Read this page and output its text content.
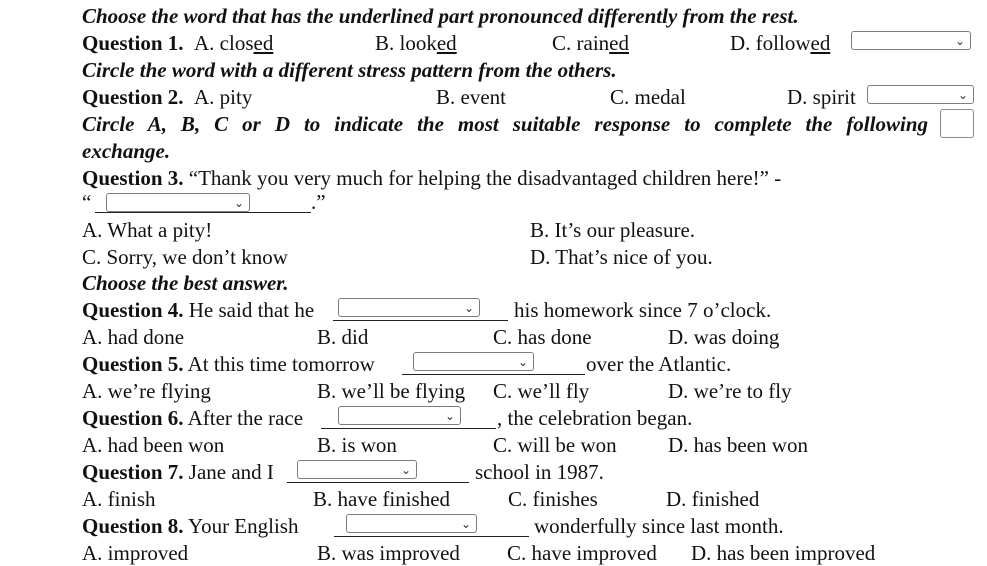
Choose the word that has the underlined part pronounced differently from the rest.
Question 1. A. closed	B. looked	C. rained	D. followed	⌄
Circle the word with a different stress pattern from the others.
Question 2. A. pity	B. event	C. medal	D. spirit	⌄
Circle A, B, C or D to indicate the most suitable response to complete the following
exchange.
Question 3. “Thank you very much for helping the disadvantaged children here!” -
“	⌄	.”
A. What a pity!	B. It’s our pleasure.
C. Sorry, we don’t know	D. That’s nice of you.
Choose the best answer.
Question 4. He said that he	⌄ his homework since 7 o’clock.
A. had done	B. did	C. has done	D. was doing
Question 5. At this time tomorrow	⌄	over the Atlantic.
A. we’re flying	B. we’ll be flying C. we’ll fly	D. we’re to fly
Question 6. After the race	⌄ , the celebration began.
A. had been won	B. is won	C. will be won D. has been won
Question 7. Jane and I	⌄	school in 1987.
A. finish	B. have finished	C. finishes	D. finished
Question 8. Your English	⌄	wonderfully since last month.
A. improved	B. was improved C. have improved D. has been improved
